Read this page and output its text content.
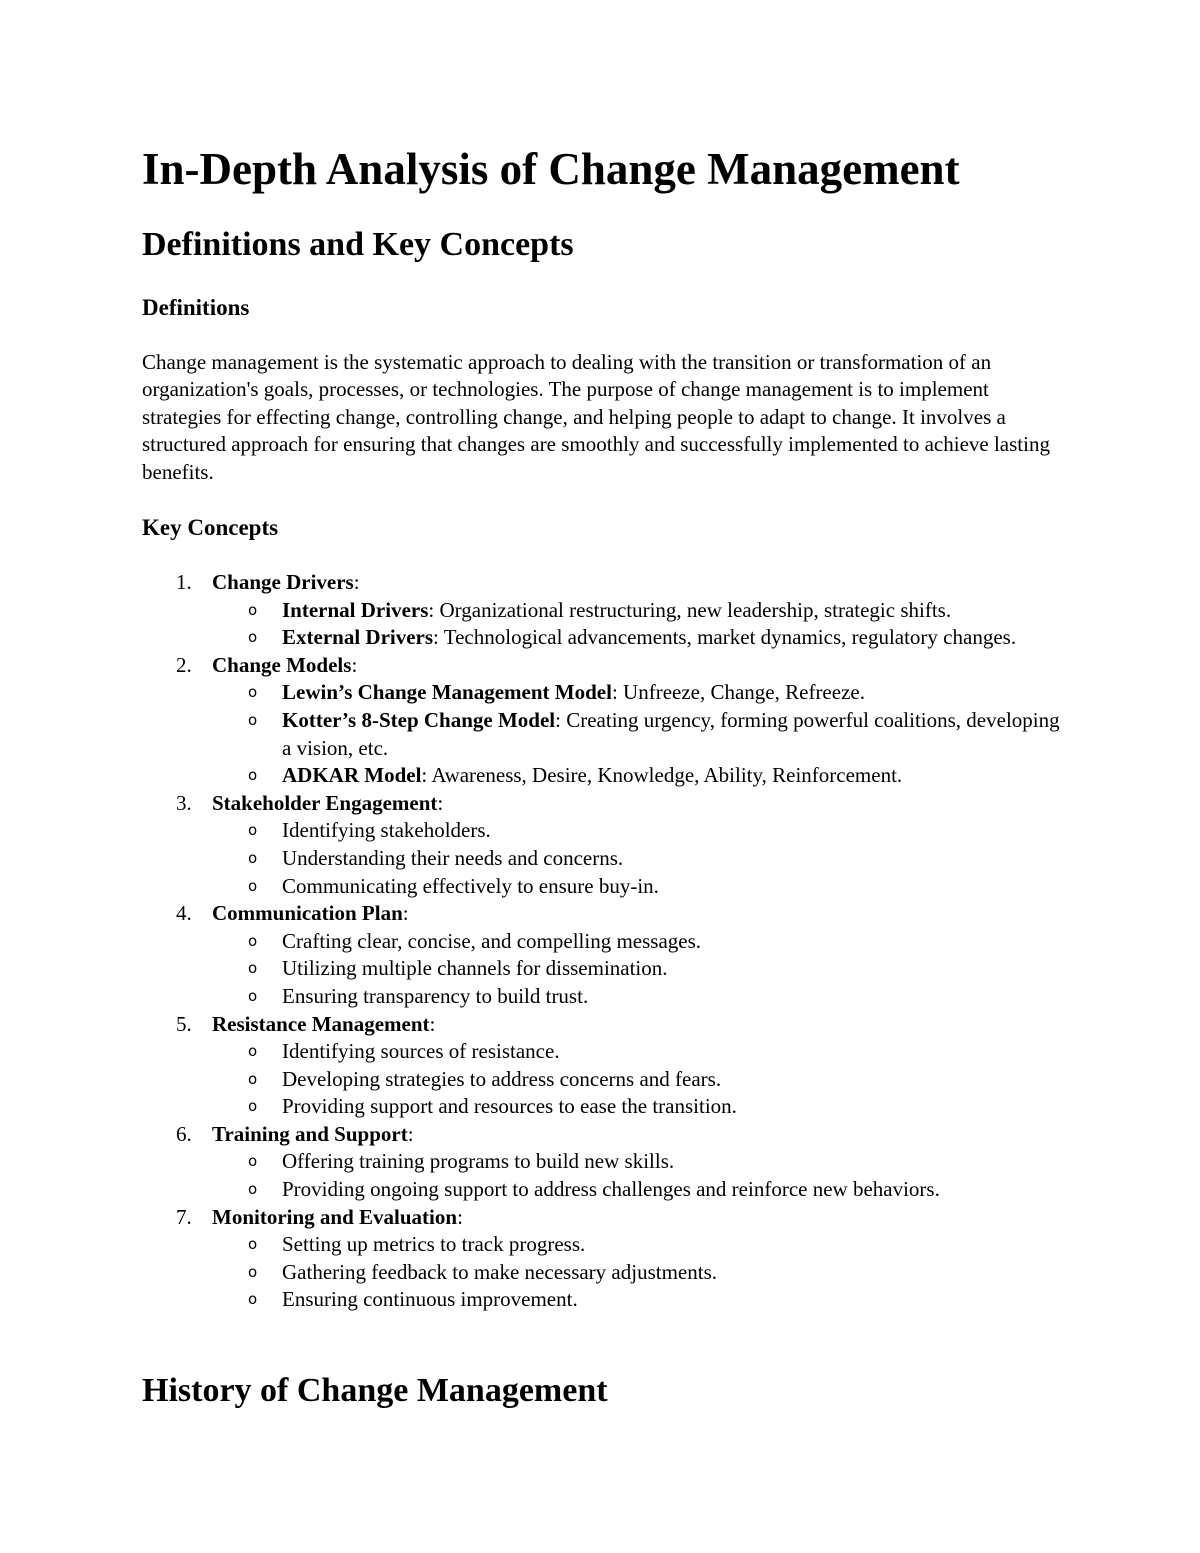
In-Depth Analysis of Change Management
Definitions and Key Concepts
Definitions

Change management is the systematic approach to dealing with the transition or transformation of an organization's goals, processes, or technologies. The purpose of change management is to implement strategies for effecting change, controlling change, and helping people to adapt to change. It involves a structured approach for ensuring that changes are smoothly and successfully implemented to achieve lasting benefits.

Key Concepts
1. Change Drivers:
o Internal Drivers: Organizational restructuring, new leadership, strategic shifts.
o External Drivers: Technological advancements, market dynamics, regulatory changes.
2. Change Models:
o Lewin’s Change Management Model: Unfreeze, Change, Refreeze.
o Kotter’s 8-Step Change Model: Creating urgency, forming powerful coalitions, developing a vision, etc.
o ADKAR Model: Awareness, Desire, Knowledge, Ability, Reinforcement.
3. Stakeholder Engagement:
o Identifying stakeholders.
o Understanding their needs and concerns.
o Communicating effectively to ensure buy-in.
4. Communication Plan:
o Crafting clear, concise, and compelling messages.
o Utilizing multiple channels for dissemination.
o Ensuring transparency to build trust.
5. Resistance Management:
o Identifying sources of resistance.
o Developing strategies to address concerns and fears.
o Providing support and resources to ease the transition.
6. Training and Support:
o Offering training programs to build new skills.
o Providing ongoing support to address challenges and reinforce new behaviors.
7. Monitoring and Evaluation:
o Setting up metrics to track progress.
o Gathering feedback to make necessary adjustments.
o Ensuring continuous improvement.
History of Change Management
